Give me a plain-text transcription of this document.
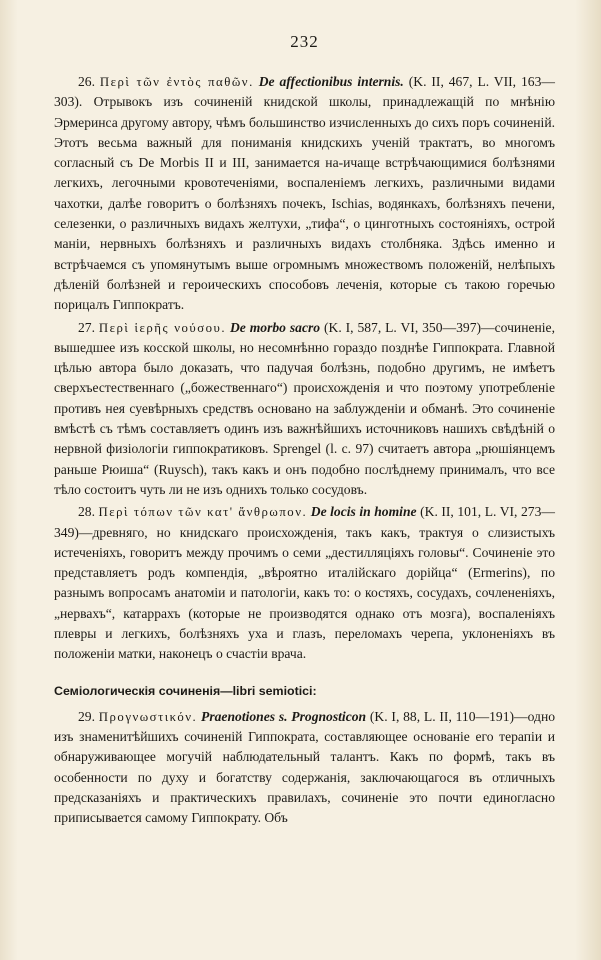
232

26. Περὶ τῶν ἐντὸς παθῶν. De affectionibus internis. (K. II, 467, L. VII, 163—303). Отрывокъ изъ сочиненій книдской школы, принадлежащій по мнѣнію Эрмеринса другому автору, чѣмъ большинство изчисленныхъ до сихъ поръ сочиненій. Этотъ весьма важный для пониманія книдскихъ ученій трактатъ, во многомъ согласный съ De Morbis II и III, занимается на-ичаще встрѣчающимися болѣзнями легкихъ, легочными кровотеченіями, воспаленіемъ легкихъ, различными видами чахотки, далѣе говоритъ о болѣзняхъ почекъ, Ischias, водянкахъ, болѣзняхъ печени, селезенки, о различныхъ видахъ желтухи, „тифа“, о цинготныхъ состояніяхъ, острой маніи, нервныхъ болѣзняхъ и различныхъ видахъ столбняка. Здѣсь именно и встрѣчаемся съ упомянутымъ выше огромнымъ множествомъ положеній, нелѣпыхъ дѣленій болѣзней и героическихъ способовъ леченія, которые съ такою горечью порицалъ Гиппократъ.

27. Περὶ ἱερῆς νούσου. De morbo sacro (K. I, 587, L. VI, 350—397)—сочиненіе, вышедшее изъ косской школы, но несомнѣнно гораздо позднѣе Гиппократа. Главной цѣлью автора было доказать, что падучая болѣзнь, подобно другимъ, не имѣетъ сверхъестественнаго („божественнаго“) происхожденія и что поэтому употребленіе противъ нея суевѣрныхъ средствъ основано на заблужденіи и обманѣ. Это сочиненіе вмѣстѣ съ тѣмъ составляетъ одинъ изъ важнѣйшихъ источниковъ нашихъ свѣдѣній о нервной физіологіи гиппократиковъ. Sprengel (l. c. 97) считаетъ автора „рюшіянцемъ раньше Рюиша“ (Ruysch), такъ какъ и онъ подобно послѣднему принималъ, что все тѣло состоитъ чуть ли не изъ однихъ только сосудовъ.

28. Περὶ τόπων τῶν κατ' ἄνθρωπον. De locis in homine (K. II, 101, L. VI, 273—349)—древняго, но книдскаго происхожденія, такъ какъ, трактуя о слизистыхъ истеченіяхъ, говоритъ между прочимъ о семи „дестилляціяхъ головы“. Сочиненіе это представляетъ родъ компендія, „вѣроятно италійскаго дорійца“ (Ermerins), по разнымъ вопросамъ анатоміи и патологіи, какъ то: о костяхъ, сосудахъ, сочлененіяхъ, „нервахъ“, катаррахъ (которые не производятся однако отъ мозга), воспаленіяхъ плевры и легкихъ, болѣзняхъ уха и глазъ, переломахъ черепа, уклоненіяхъ въ положеніи матки, наконецъ о счастіи врача.

Семіологическія сочиненія—libri semiotici:

29. Προγνωστικόν. Praenotiones s. Prognosticon (K. I, 88, L. II, 110—191)—одно изъ знаменитѣйшихъ сочиненій Гиппократа, составляющее основаніе его терапіи и обнаруживающее могучій наблюдательный талантъ. Какъ по формѣ, такъ въ особенности по духу и богатству содержанія, заключающагося въ отличныхъ предсказаніяхъ и практическихъ правилахъ, сочиненіе это почти единогласно приписывается самому Гиппократу. Объ
